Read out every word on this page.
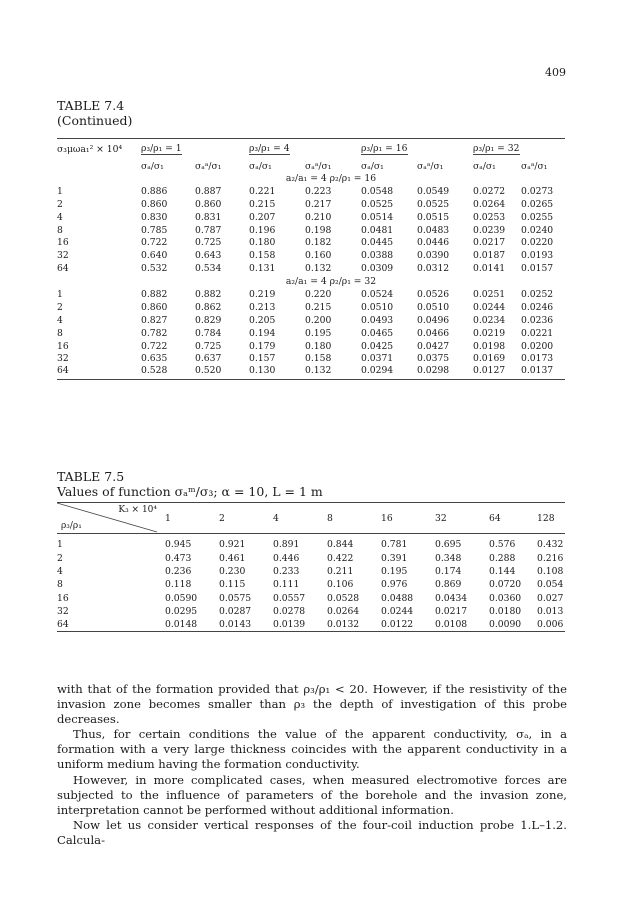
409
TABLE 7.4
(Continued)
σ₃μωa₁² × 10⁴	ρ₃/ρ₁ = 1		ρ₃/ρ₁ = 4		ρ₃/ρ₁ = 16		ρ₃/ρ₁ = 32	
	σₐ/σ₁	σₐᵃ/σ₁	σₐ/σ₁	σₐᵃ/σ₁	σₐ/σ₁	σₐᵃ/σ₁	σₐ/σ₁	σₐᵃ/σ₁
a₂/a₁ = 4 ρ₂/ρ₁ = 16								
1	0.886	0.887	0.221	0.223	0.0548	0.0549	0.0272	0.0273
2	0.860	0.860	0.215	0.217	0.0525	0.0525	0.0264	0.0265
4	0.830	0.831	0.207	0.210	0.0514	0.0515	0.0253	0.0255
8	0.785	0.787	0.196	0.198	0.0481	0.0483	0.0239	0.0240
16	0.722	0.725	0.180	0.182	0.0445	0.0446	0.0217	0.0220
32	0.640	0.643	0.158	0.160	0.0388	0.0390	0.0187	0.0193
64	0.532	0.534	0.131	0.132	0.0309	0.0312	0.0141	0.0157
a₂/a₁ = 4 ρ₂/ρ₁ = 32								
1	0.882	0.882	0.219	0.220	0.0524	0.0526	0.0251	0.0252
2	0.860	0.862	0.213	0.215	0.0510	0.0510	0.0244	0.0246
4	0.827	0.829	0.205	0.200	0.0493	0.0496	0.0234	0.0236
8	0.782	0.784	0.194	0.195	0.0465	0.0466	0.0219	0.0221
16	0.722	0.725	0.179	0.180	0.0425	0.0427	0.0198	0.0200
32	0.635	0.637	0.157	0.158	0.0371	0.0375	0.0169	0.0173
64	0.528	0.520	0.130	0.132	0.0294	0.0298	0.0127	0.0137
TABLE 7.5
Values of function σₐᵐ/σ₃; α = 10, L = 1 m
K₃ × 10⁴
ρ₃/ρ₁	1	2	4	8	16	32	64	128
1	0.945	0.921	0.891	0.844	0.781	0.695	0.576	0.432
2	0.473	0.461	0.446	0.422	0.391	0.348	0.288	0.216
4	0.236	0.230	0.233	0.211	0.195	0.174	0.144	0.108
8	0.118	0.115	0.111	0.106	0.976	0.869	0.0720	0.054
16	0.0590	0.0575	0.0557	0.0528	0.0488	0.0434	0.0360	0.027
32	0.0295	0.0287	0.0278	0.0264	0.0244	0.0217	0.0180	0.013
64	0.0148	0.0143	0.0139	0.0132	0.0122	0.0108	0.0090	0.006

with that of the formation provided that ρ₃/ρ₁ < 20. However, if the resistivity of the invasion zone becomes smaller than ρ₃ the depth of investigation of this probe decreases.

Thus, for certain conditions the value of the apparent conductivity, σₐ, in a formation with a very large thickness coincides with the apparent conductivity in a uniform medium having the formation conductivity.

However, in more complicated cases, when measured electromotive forces are subjected to the influence of parameters of the borehole and the invasion zone, interpretation cannot be performed without additional information.

Now let us consider vertical responses of the four-coil induction probe 1.L–1.2. Calcula-
